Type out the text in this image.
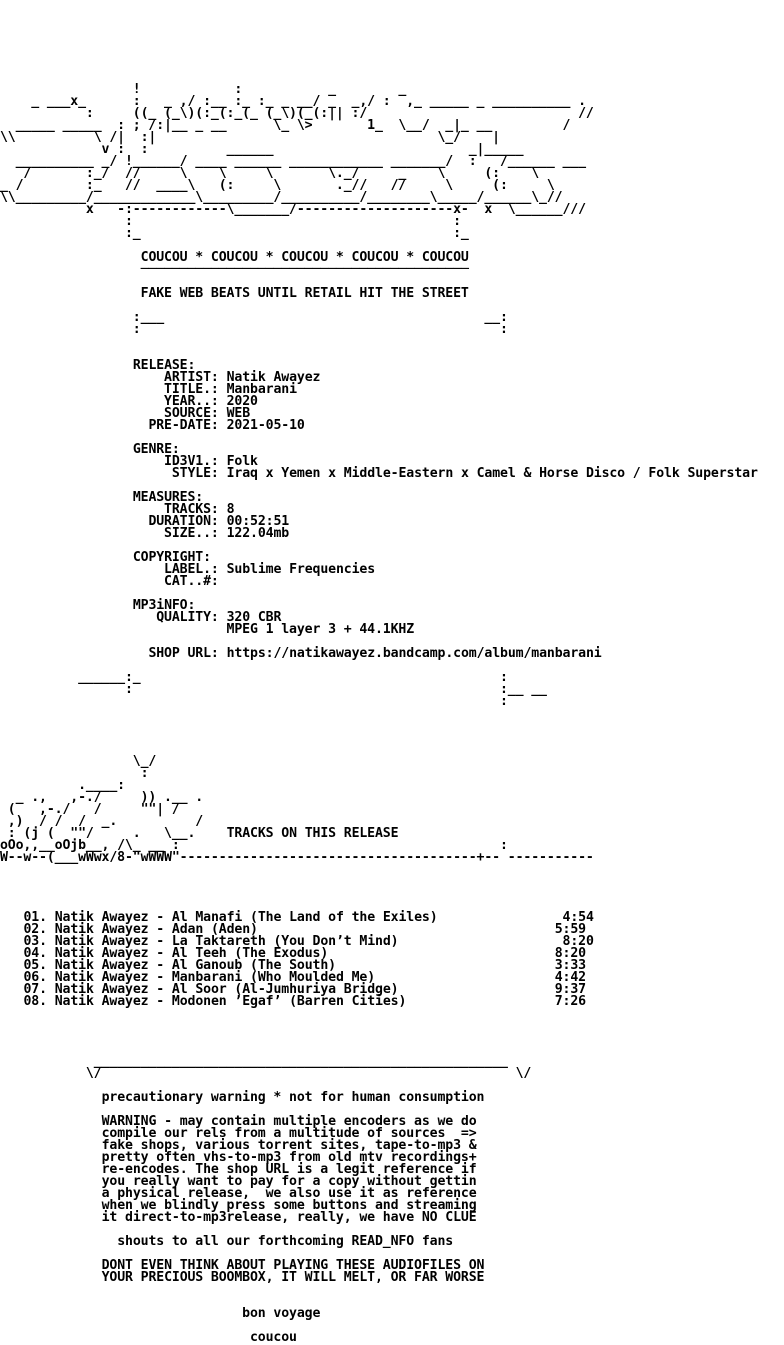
!            :           _        _
_ ___x_      :   _ ,/ :__ :_ :_ _ __/ _  _,/ :  ,_ _____ _ __________ .
:     ((_ (_\)(:_(:_(_ (_\)(_(:|| :/                           //
_____ _____  : ; /:|__ _ __      \_ \>       1_  \__/  _|_ __         /
\\          \ /|  :|                                    \_/    |
v :  :          ______                         _|_____
__________ _/ !______/ ____ ______ ____________ _______/  :   /______ ___
/       :_/  //     \    \     \       \._/     _    \     (:    \
_ /        :_   //  ____\   (:     \       ._//   //     \     (:     \
\\_________/_____________\_________/__________/________\_____/______\_//
x   -:------------\_______/--------------------x-  x  \______///
:                                         :
:_                                        :_

COUCOU * COUCOU * COUCOU * COUCOU * COUCOU
──────────────────────────────────────────

FAKE WEB BEATS UNTIL RETAIL HIT THE STREET

:___                                         __:
:                                              :

RELEASE:
ARTIST: Natik Awayez
TITLE.: Manbarani
YEAR..: 2020
SOURCE: WEB
PRE-DATE: 2021-05-10

GENRE:
ID3V1.: Folk
STYLE: Iraq x Yemen x Middle-Eastern x Camel & Horse Disco / Folk Superstar

MEASURES:
TRACKS: 8
DURATION: 00:52:51
SIZE..: 122.04mb

COPYRIGHT:
LABEL.: Sublime Frequencies
CAT..#:

MP3iNFO:
QUALITY: 320 CBR
MPEG 1 layer 3 + 44.1KHZ

SHOP URL: https://natikawayez.bandcamp.com/album/manbarani

______:_                                              :
:                                               :__ __
:

\_/
:
.____:
_ .,   ,-./     )) .__ .
(   ,-./   /     ""| /
,)  / /  /  _.          /
: (j (  ""/     .   \__. TRACKS ON THIS RELEASE
oOo,,__oOjb__, /\_ __ :                                         :
W--w--(___wWwx/8-"wWWW"--------------------------------------+-- -----------

01. Natik Awayez - Al Manafi (The Land of the Exiles)	4:54
02. Natik Awayez - Adan (Aden)	5:59
03. Natik Awayez - La Taktareth (You Don’t Mind)	8:20
04. Natik Awayez - Al Teeh (The Exodus)	8:20
05. Natik Awayez - Al Ganoub (The South)	3:33
06. Natik Awayez - Manbarani (Who Moulded Me)	4:42
07. Natik Awayez - Al Soor (Al-Jumhuriya Bridge)	9:37
08. Natik Awayez - Modonen ’Egaf’ (Barren Cities)	7:26

_____________________________________________________
\/                                                     \/

precautionary warning * not for human consumption

WARNING - may contain multiple encoders as we do
compile our rels from a multitude of sources  =>
fake shops, various torrent sites, tape-to-mp3 &
pretty often vhs-to-mp3 from old mtv recordings+
re-encodes. The shop URL is a legit reference if
you really want to pay for a copy without gettin
a physical release,  we also use it as reference
when we blindly press some buttons and streaming
it direct-to-mp3release, really, we have NO CLUE

shouts to all our forthcoming READ_NFO fans

DONT EVEN THINK ABOUT PLAYING THESE AUDIOFILES ON
YOUR PRECIOUS BOOMBOX, IT WILL MELT, OR FAR WORSE

bon voyage

coucou
